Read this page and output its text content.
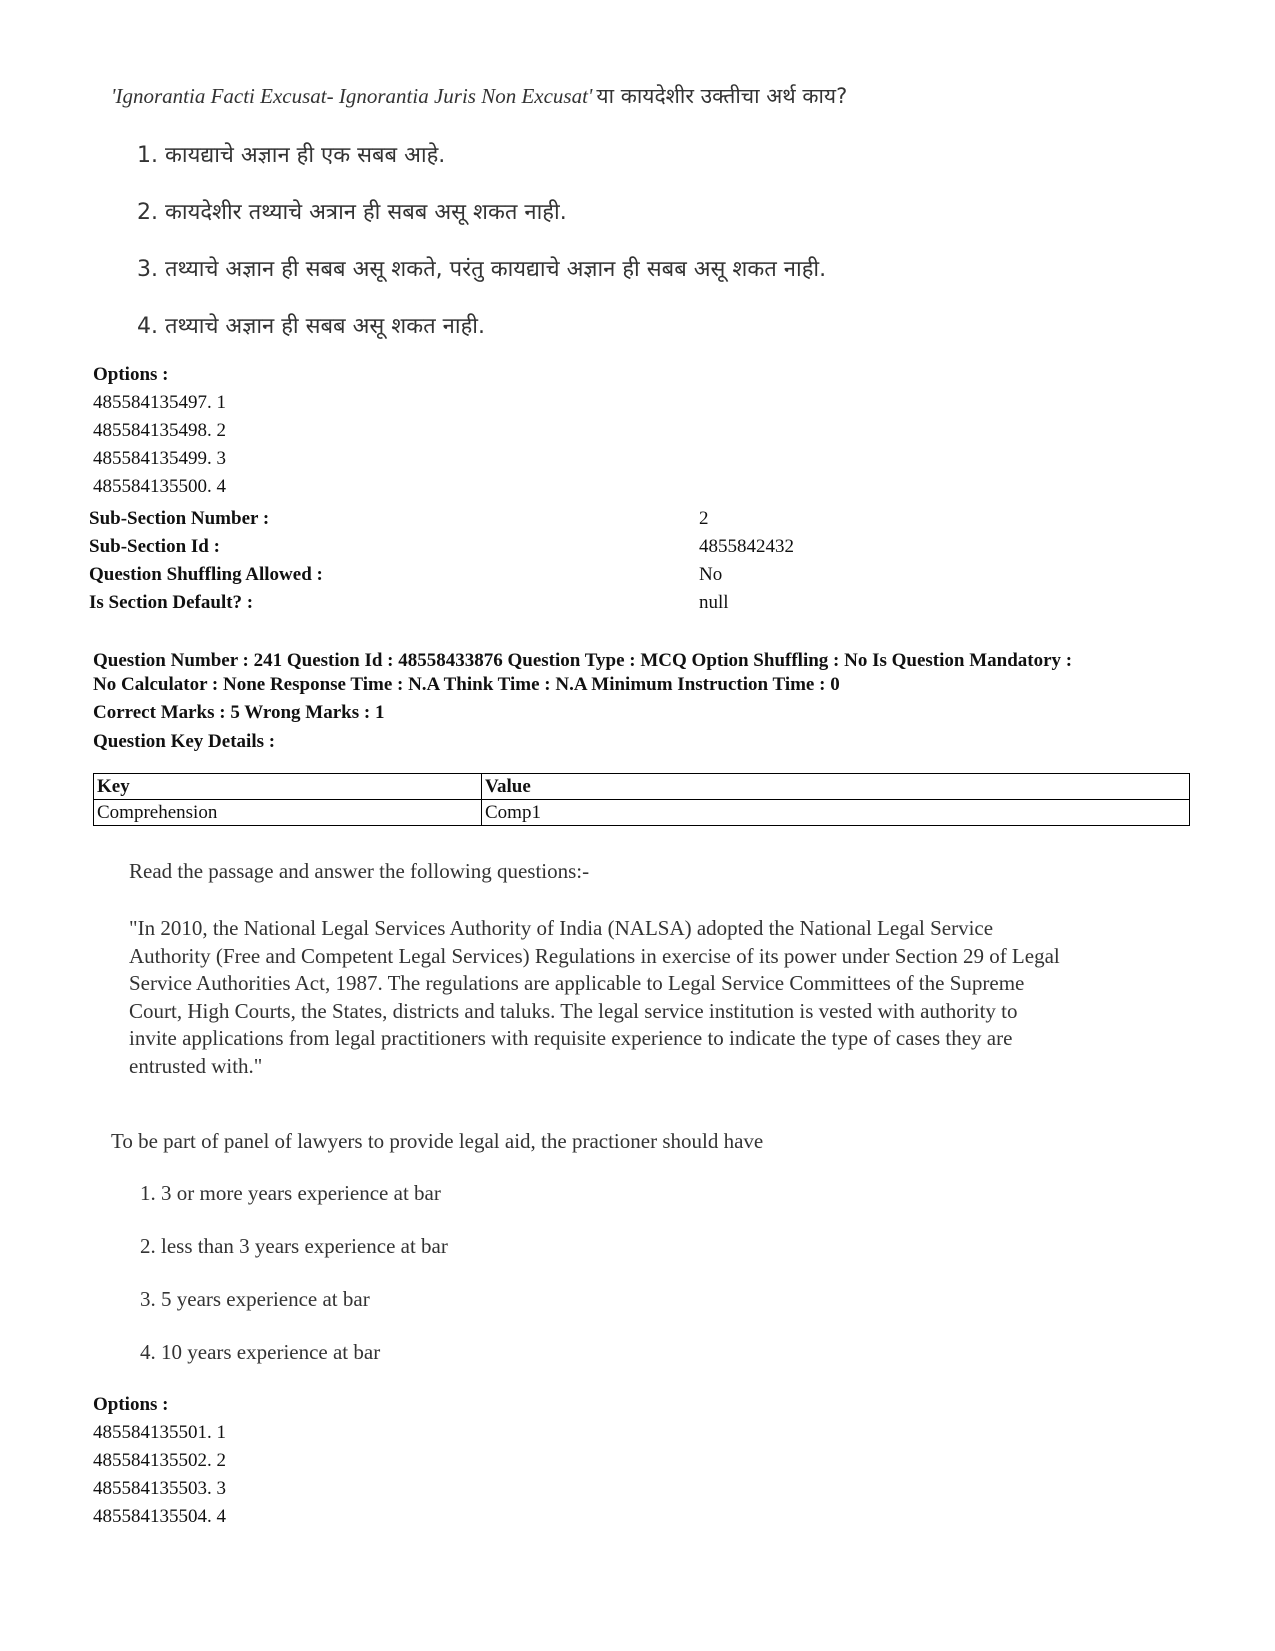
'Ignorantia Facti Excusat- Ignorantia Juris Non Excusat' या कायदेशीर उक्तीचा अर्थ काय?
1. कायद्याचे अज्ञान ही एक सबब आहे.
2. कायदेशीर तथ्याचे अत्रान ही सबब असू शकत नाही.
3. तथ्याचे अज्ञान ही सबब असू शकते, परंतु कायद्याचे अज्ञान ही सबब असू शकत नाही.
4. तथ्याचे अज्ञान ही सबब असू शकत नाही.
Options :
485584135497. 1
485584135498. 2
485584135499. 3
485584135500. 4
Sub-Section Number :	2
Sub-Section Id :	4855842432
Question Shuffling Allowed :	No
Is Section Default? :	null
Question Number : 241 Question Id : 48558433876 Question Type : MCQ Option Shuffling : No Is Question Mandatory :
No Calculator : None Response Time : N.A Think Time : N.A Minimum Instruction Time : 0
Correct Marks : 5 Wrong Marks : 1
Question Key Details :
Key	Value
Comprehension	Comp1
Read the passage and answer the following questions:-
"In 2010, the National Legal Services Authority of India (NALSA) adopted the National Legal Service
Authority (Free and Competent Legal Services) Regulations in exercise of its power under Section 29 of Legal
Service Authorities Act, 1987. The regulations are applicable to Legal Service Committees of the Supreme
Court, High Courts, the States, districts and taluks. The legal service institution is vested with authority to
invite applications from legal practitioners with requisite experience to indicate the type of cases they are
entrusted with."
To be part of panel of lawyers to provide legal aid, the practioner should have
1. 3 or more years experience at bar
2. less than 3 years experience at bar
3. 5 years experience at bar
4. 10 years experience at bar
Options :
485584135501. 1
485584135502. 2
485584135503. 3
485584135504. 4
